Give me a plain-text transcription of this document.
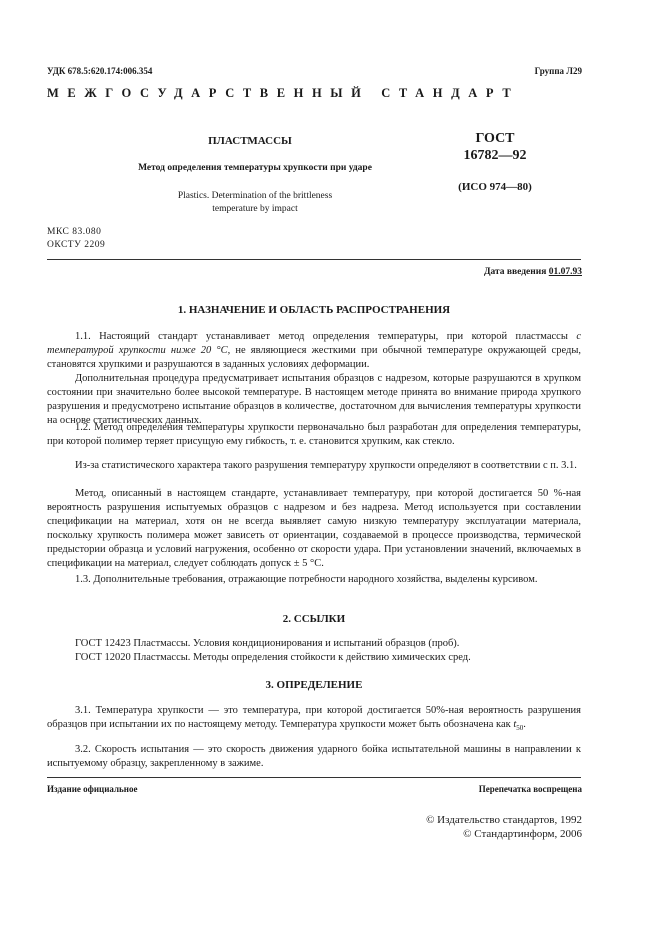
УДК 678.5:620.174:006.354	Группа Л29
МЕЖГОСУДАРСТВЕННЫЙ СТАНДАРТ
ПЛАСТМАССЫ
Метод определения температуры хрупкости при ударе
Plastics. Determination of the brittleness
temperature by impact
ГОСТ
16782—92
(ИСО 974—80)
МКС 83.080
ОКСТУ 2209
Дата введения 01.07.93
1. НАЗНАЧЕНИЕ И ОБЛАСТЬ РАСПРОСТРАНЕНИЯ

1.1. Настоящий стандарт устанавливает метод определения температуры, при которой пластмассы с температурой хрупкости ниже 20 °С, не являющиеся жесткими при обычной температуре окружающей среды, становятся хрупкими и разрушаются в заданных условиях деформации.

Дополнительная процедура предусматривает испытания образцов с надрезом, которые разрушаются в хрупком состоянии при значительно более высокой температуре. В настоящем методе принята во внимание природа хрупкого разрушения и предусмотрено испытание образцов в количестве, достаточном для вычисления температуры хрупкости на основе статистических данных.

1.2. Метод определения температуры хрупкости первоначально был разработан для определения температуры, при которой полимер теряет присущую ему гибкость, т. е. становится хрупким, как стекло.

Из-за статистического характера такого разрушения температуру хрупкости определяют в соответствии с п. 3.1.

Метод, описанный в настоящем стандарте, устанавливает температуру, при которой достигается 50 %-ная вероятность разрушения испытуемых образцов с надрезом и без надреза. Метод используется при составлении спецификации на материал, хотя он не всегда выявляет самую низкую температуру эксплуатации материала, поскольку хрупкость полимера может зависеть от ориентации, создаваемой в процессе производства, термической предыстории образца и условий нагружения, особенно от скорости удара. При установлении значений, включаемых в спецификации на материал, следует соблюдать допуск ± 5 °С.

1.3. Дополнительные требования, отражающие потребности народного хозяйства, выделены курсивом.

2. ССЫЛКИ
ГОСТ 12423 Пластмассы. Условия кондиционирования и испытаний образцов (проб).
ГОСТ 12020 Пластмассы. Методы определения стойкости к действию химических сред.
3. ОПРЕДЕЛЕНИЕ

3.1. Температура хрупкости — это температура, при которой достигается 50%-ная вероятность разрушения образцов при испытании их по настоящему методу. Температура хрупкости может быть обозначена как $t_{50}$.

3.2. Скорость испытания — это скорость движения ударного бойка испытательной машины в направлении к испытуемому образцу, закрепленному в зажиме.

Издание официальное	Перепечатка воспрещена
© Издательство стандартов, 1992
© Стандартинформ, 2006
